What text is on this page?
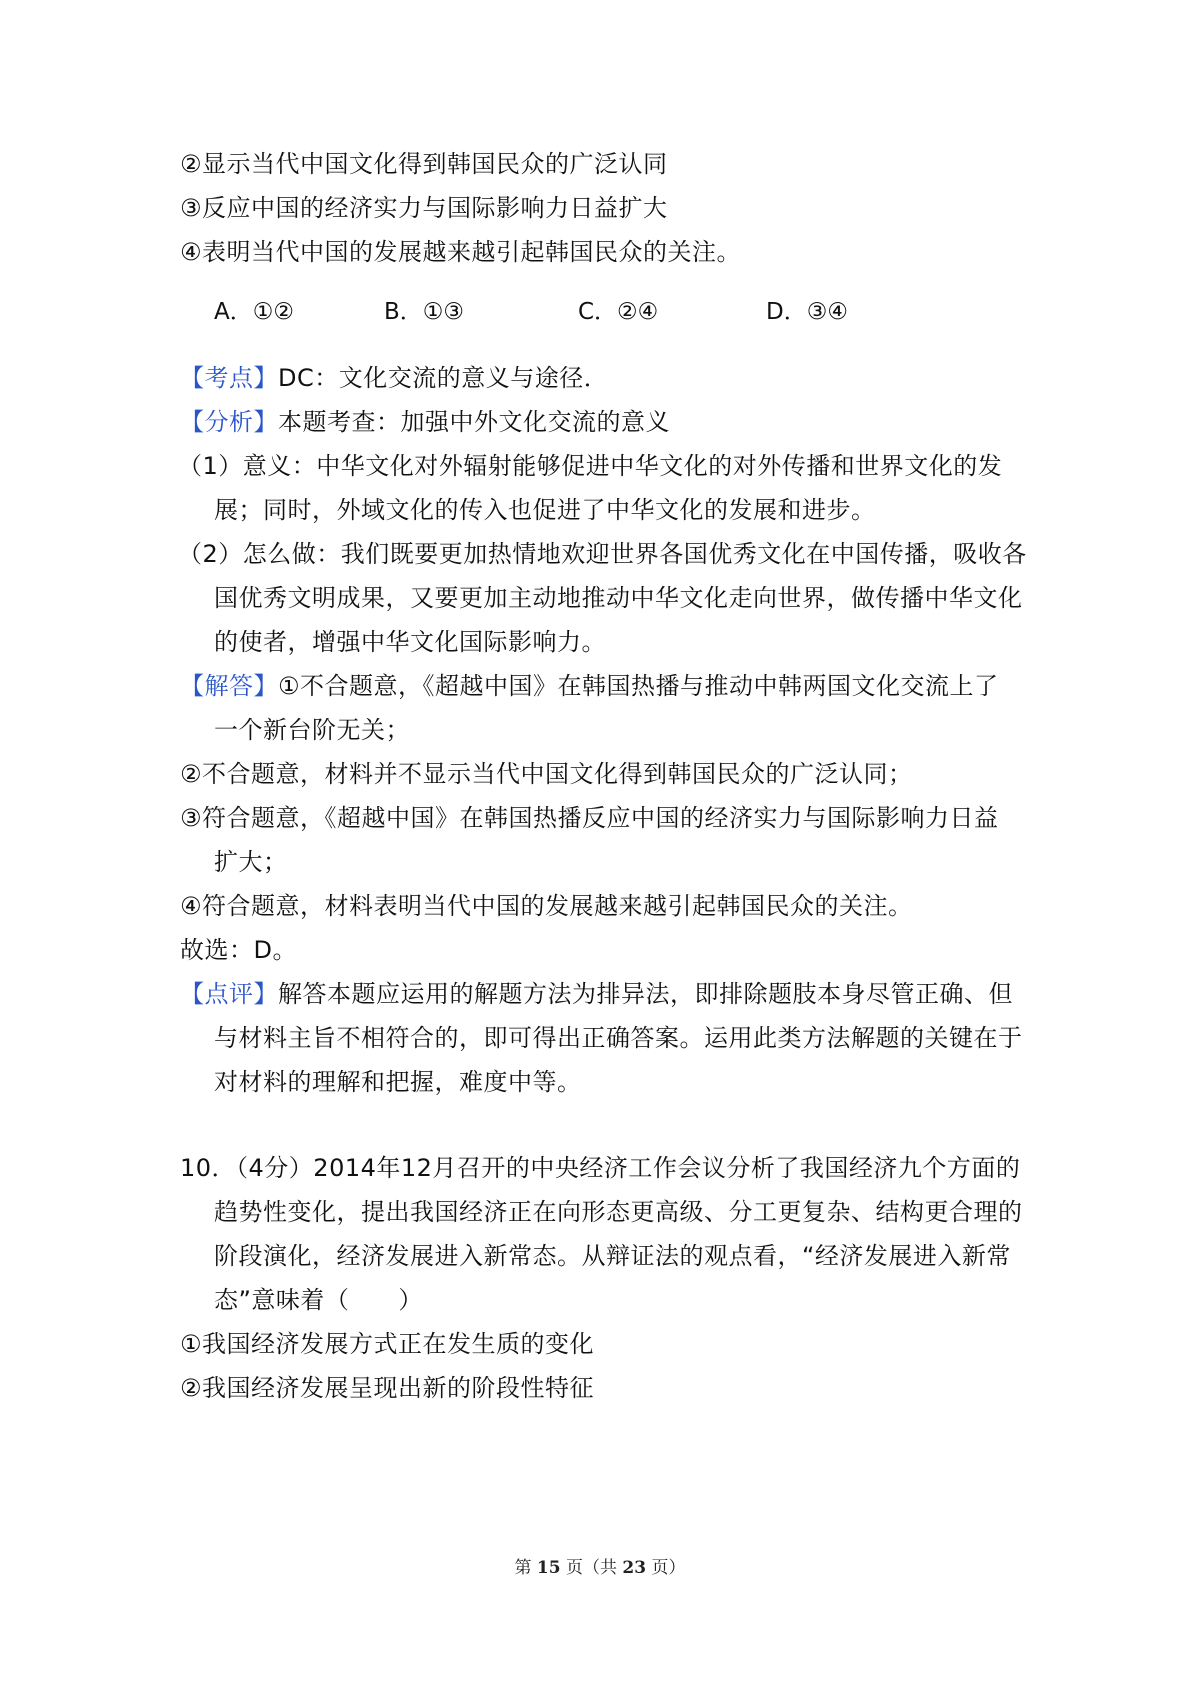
②显示当代中国文化得到韩国民众的广泛认同
③反应中国的经济实力与国际影响力日益扩大
④表明当代中国的发展越来越引起韩国民众的关注。
A．①②	B．①③	C．②④	D．③④
【考点】DC：文化交流的意义与途径．
【分析】本题考查：加强中外文化交流的意义
（1）意义：中华文化对外辐射能够促进中华文化的对外传播和世界文化的发
展；同时，外域文化的传入也促进了中华文化的发展和进步。
（2）怎么做：我们既要更加热情地欢迎世界各国优秀文化在中国传播，吸收各
国优秀文明成果，又要更加主动地推动中华文化走向世界，做传播中华文化
的使者，增强中华文化国际影响力。
【解答】①不合题意，《超越中国》在韩国热播与推动中韩两国文化交流上了
一个新台阶无关；
②不合题意，材料并不显示当代中国文化得到韩国民众的广泛认同；
③符合题意，《超越中国》在韩国热播反应中国的经济实力与国际影响力日益
扩大；
④符合题意，材料表明当代中国的发展越来越引起韩国民众的关注。
故选：D。
【点评】解答本题应运用的解题方法为排异法，即排除题肢本身尽管正确、但
与材料主旨不相符合的，即可得出正确答案。运用此类方法解题的关键在于
对材料的理解和把握，难度中等。
10．（4分）2014年12月召开的中央经济工作会议分析了我国经济九个方面的
趋势性变化，提出我国经济正在向形态更高级、分工更复杂、结构更合理的
阶段演化，经济发展进入新常态。从辩证法的观点看，“经济发展进入新常
态”意味着（　　）
①我国经济发展方式正在发生质的变化
②我国经济发展呈现出新的阶段性特征
第 15 页（共 23 页）
